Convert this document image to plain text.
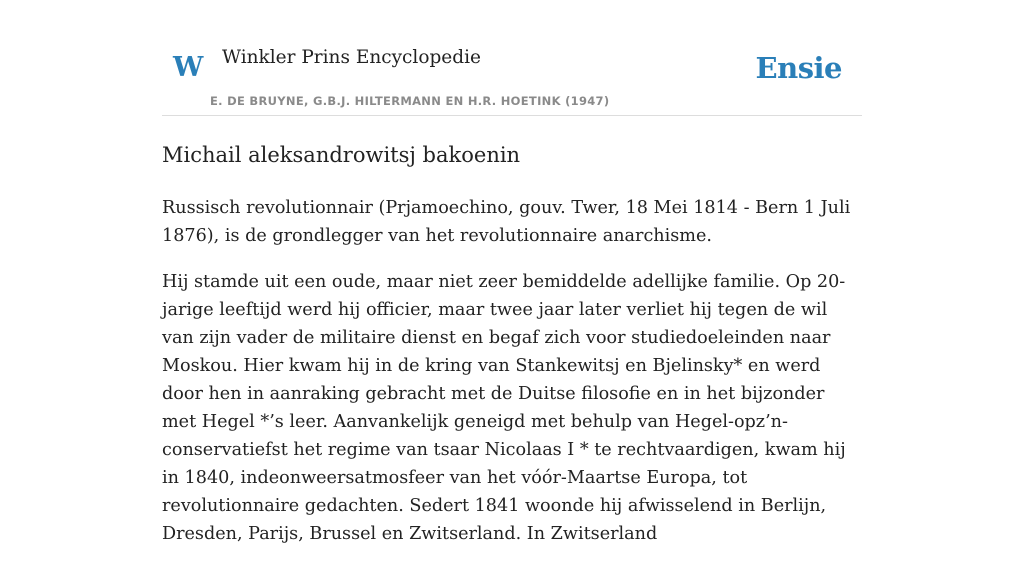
W Winkler Prins Encyclopedie
E. DE BRUYNE, G.B.J. HILTERMANN EN H.R. HOETINK (1947)
Ensie
Michail aleksandrowitsj bakoenin

Russisch revolutionnair (Prjamoechino, gouv. Twer, 18 Mei 1814 - Bern 1 Juli 1876), is de grondlegger van het revolutionnaire anarchisme.

Hij stamde uit een oude, maar niet zeer bemiddelde adellijke familie. Op 20-jarige leeftijd werd hij officier, maar twee jaar later verliet hij tegen de wil van zijn vader de militaire dienst en begaf zich voor studiedoeleinden naar Moskou. Hier kwam hij in de kring van Stankewitsj en Bjelinsky* en werd door hen in aanraking gebracht met de Duitse filosofie en in het bijzonder met Hegel *’s leer. Aanvankelijk geneigd met behulp van Hegel-opz’n-conservatiefst het regime van tsaar Nicolaas I * te rechtvaardigen, kwam hij in 1840, indeonweersatmosfeer van het vóór-Maartse Europa, tot revolutionnaire gedachten. Sedert 1841 woonde hij afwisselend in Berlijn, Dresden, Parijs, Brussel en Zwitserland. In Zwitserland
